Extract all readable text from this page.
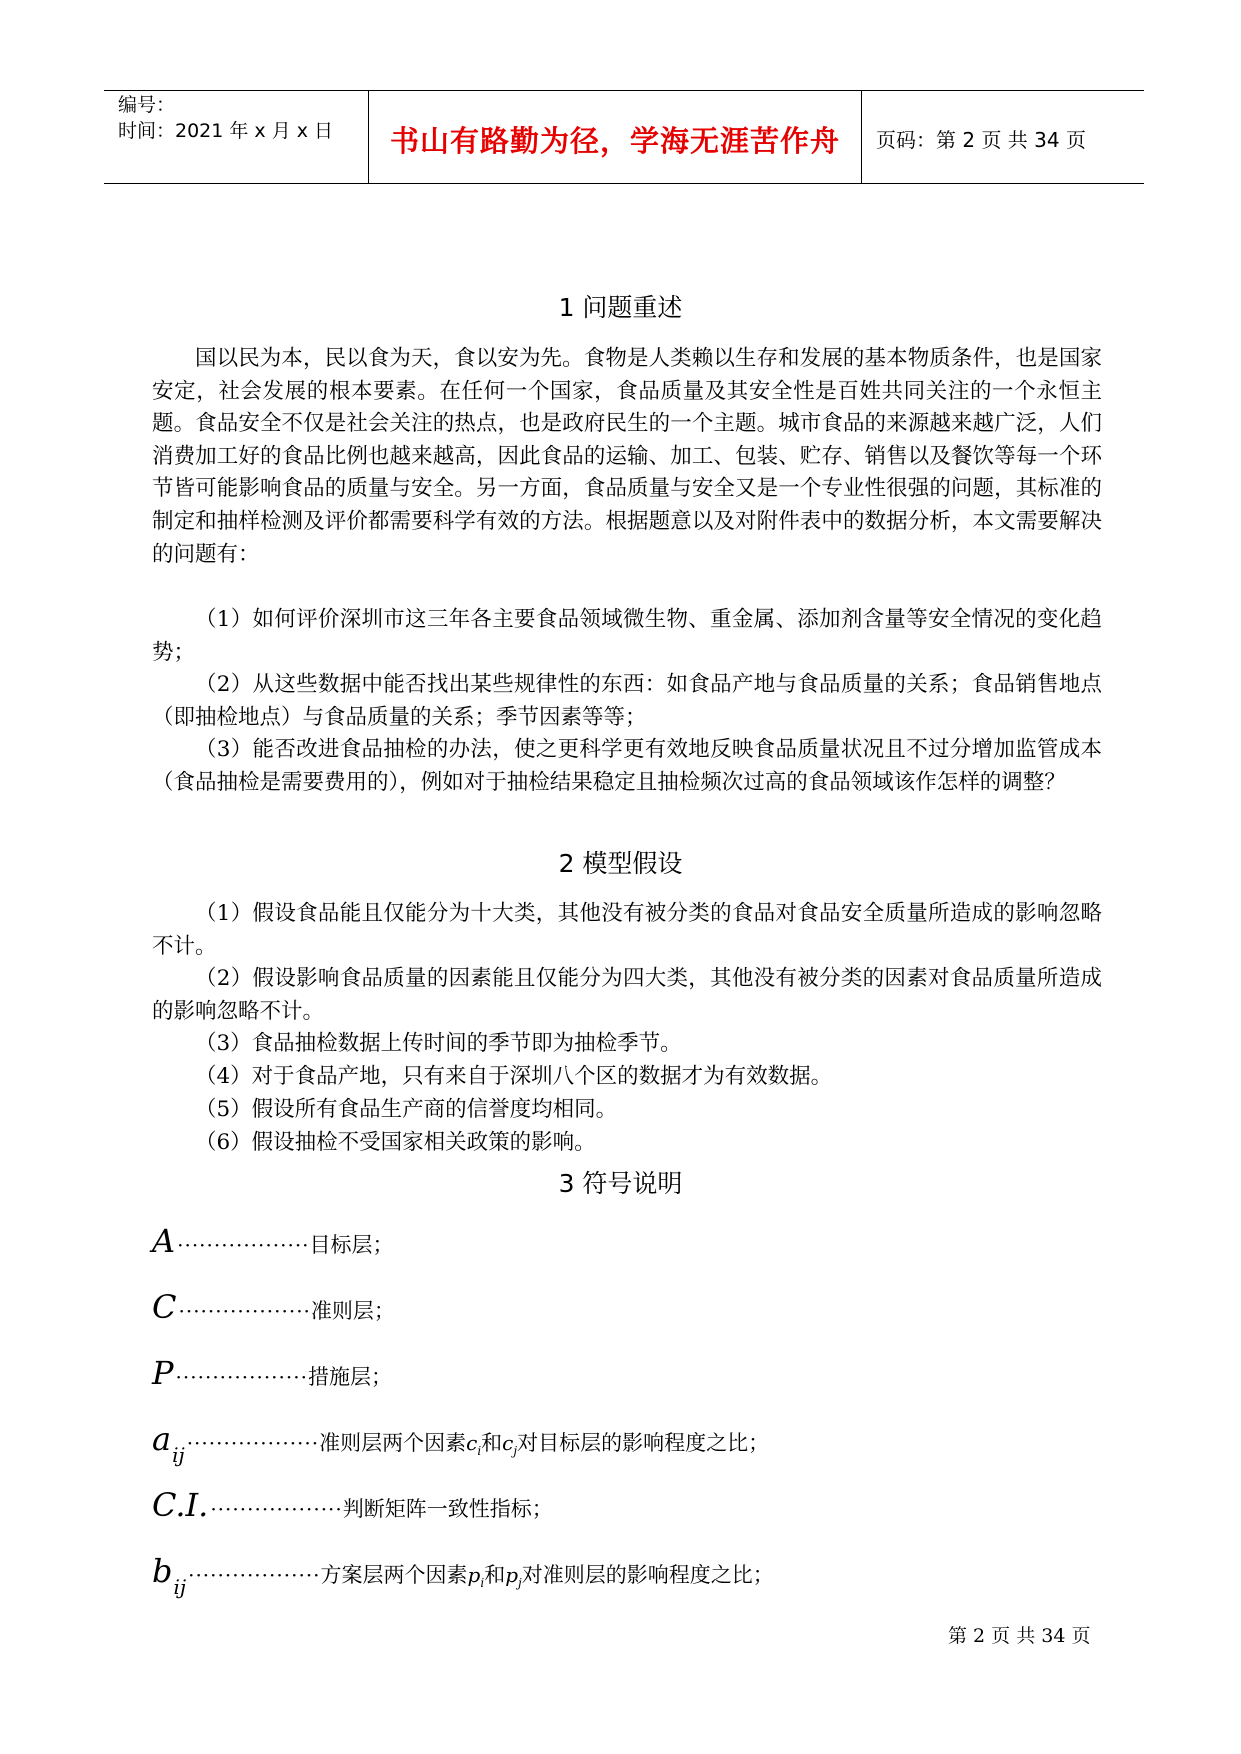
编号：
时间：2021 年 x 月 x 日	书山有路勤为径，学海无涯苦作舟	页码：第 2 页 共 34 页
1 问题重述

国以民为本，民以食为天，食以安为先。食物是人类赖以生存和发展的基本物质条件，也是国家安定，社会发展的根本要素。在任何一个国家，食品质量及其安全性是百姓共同关注的一个永恒主题。食品安全不仅是社会关注的热点，也是政府民生的一个主题。城市食品的来源越来越广泛，人们消费加工好的食品比例也越来越高，因此食品的运输、加工、包装、贮存、销售以及餐饮等每一个环节皆可能影响食品的质量与安全。另一方面，食品质量与安全又是一个专业性很强的问题，其标准的制定和抽样检测及评价都需要科学有效的方法。根据题意以及对附件表中的数据分析，本文需要解决的问题有：

（1）如何评价深圳市这三年各主要食品领域微生物、重金属、添加剂含量等安全情况的变化趋势；

（2）从这些数据中能否找出某些规律性的东西：如食品产地与食品质量的关系；食品销售地点（即抽检地点）与食品质量的关系；季节因素等等；

（3）能否改进食品抽检的办法，使之更科学更有效地反映食品质量状况且不过分增加监管成本（食品抽检是需要费用的），例如对于抽检结果稳定且抽检频次过高的食品领域该作怎样的调整？

2 模型假设

（1）假设食品能且仅能分为十大类，其他没有被分类的食品对食品安全质量所造成的影响忽略不计。

（2）假设影响食品质量的因素能且仅能分为四大类，其他没有被分类的因素对食品质量所造成的影响忽略不计。

（3）食品抽检数据上传时间的季节即为抽检季节。

（4）对于食品产地，只有来自于深圳八个区的数据才为有效数据。

（5）假设所有食品生产商的信誉度均相同。

（6）假设抽检不受国家相关政策的影响。

3 符号说明
A ··················目标层；
C ··················准则层；
P ··················措施层；
aij ··················准则层两个因素$c_i$和$c_j$对目标层的影响程度之比；
C.I. ··················判断矩阵一致性指标；
bij ··················方案层两个因素$p_i$和$p_j$对准则层的影响程度之比；
第 2 页 共 34 页
